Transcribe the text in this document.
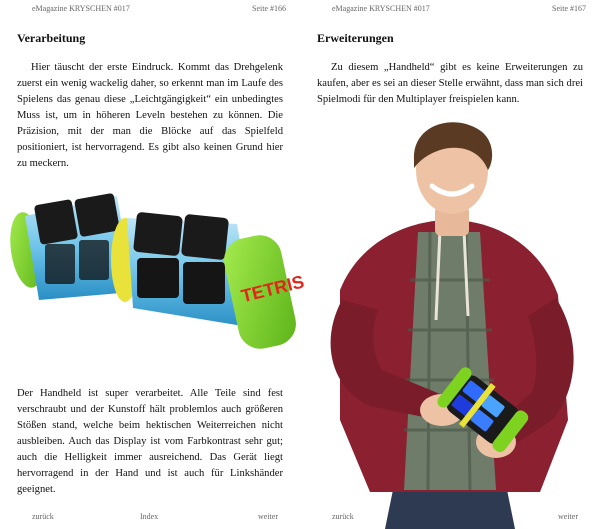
eMagazine KRYSCHEN #017	Seite #166
Verarbeitung

Hier täuscht der erste Eindruck. Kommt das Drehgelenk zuerst ein wenig wackelig daher, so erkennt man im Laufe des Spielens das genau diese „Leichtgängigkeit“ ein unbedingtes Muss ist, um in höheren Leveln bestehen zu können. Die Präzision, mit der man die Blöcke auf das Spielfeld positioniert, ist hervorragend. Es gibt also keinen Grund hier zu meckern.

TETRIS

Der Handheld ist super verarbeitet. Alle Teile sind fest verschraubt und der Kunstoff hält problemlos auch größeren Stößen stand, welche beim hektischen Weiterreichen nicht ausbleiben. Auch das Display ist vom Farbkontrast sehr gut; auch die Helligkeit immer ausreichend. Das Gerät liegt hervorragend in der Hand und ist auch für Linkshänder geeignet.

zurück	Index	weiter
eMagazine KRYSCHEN #017	Seite #167
Erweiterungen

Zu diesem „Handheld“ gibt es keine Erweiterungen zu kaufen, aber es sei an dieser Stelle erwähnt, dass man sich drei Spielmodi für den Multiplayer freispielen kann.

zurück	weiter
